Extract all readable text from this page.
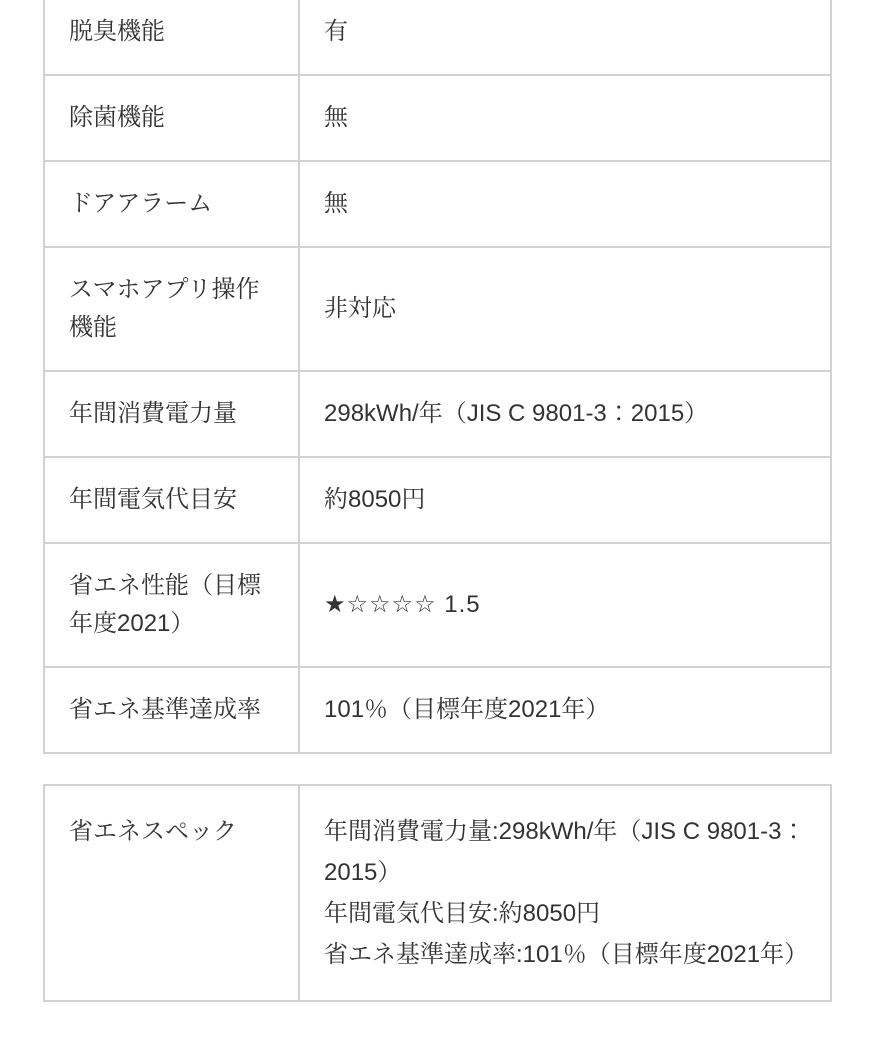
脱臭機能	有
除菌機能	無
ドアアラーム	無
スマホアプリ操作機能	非対応
年間消費電力量	298kWh/年（JIS C 9801-3：2015）
年間電気代目安	約8050円
省エネ性能（目標年度2021）	★☆☆☆☆ 1.5
省エネ基準達成率	101％（目標年度2021年）
省エネスペック	年間消費電力量:298kWh/年（JIS C 9801-3：2015）
年間電気代目安:約8050円
省エネ基準達成率:101％（目標年度2021年）
